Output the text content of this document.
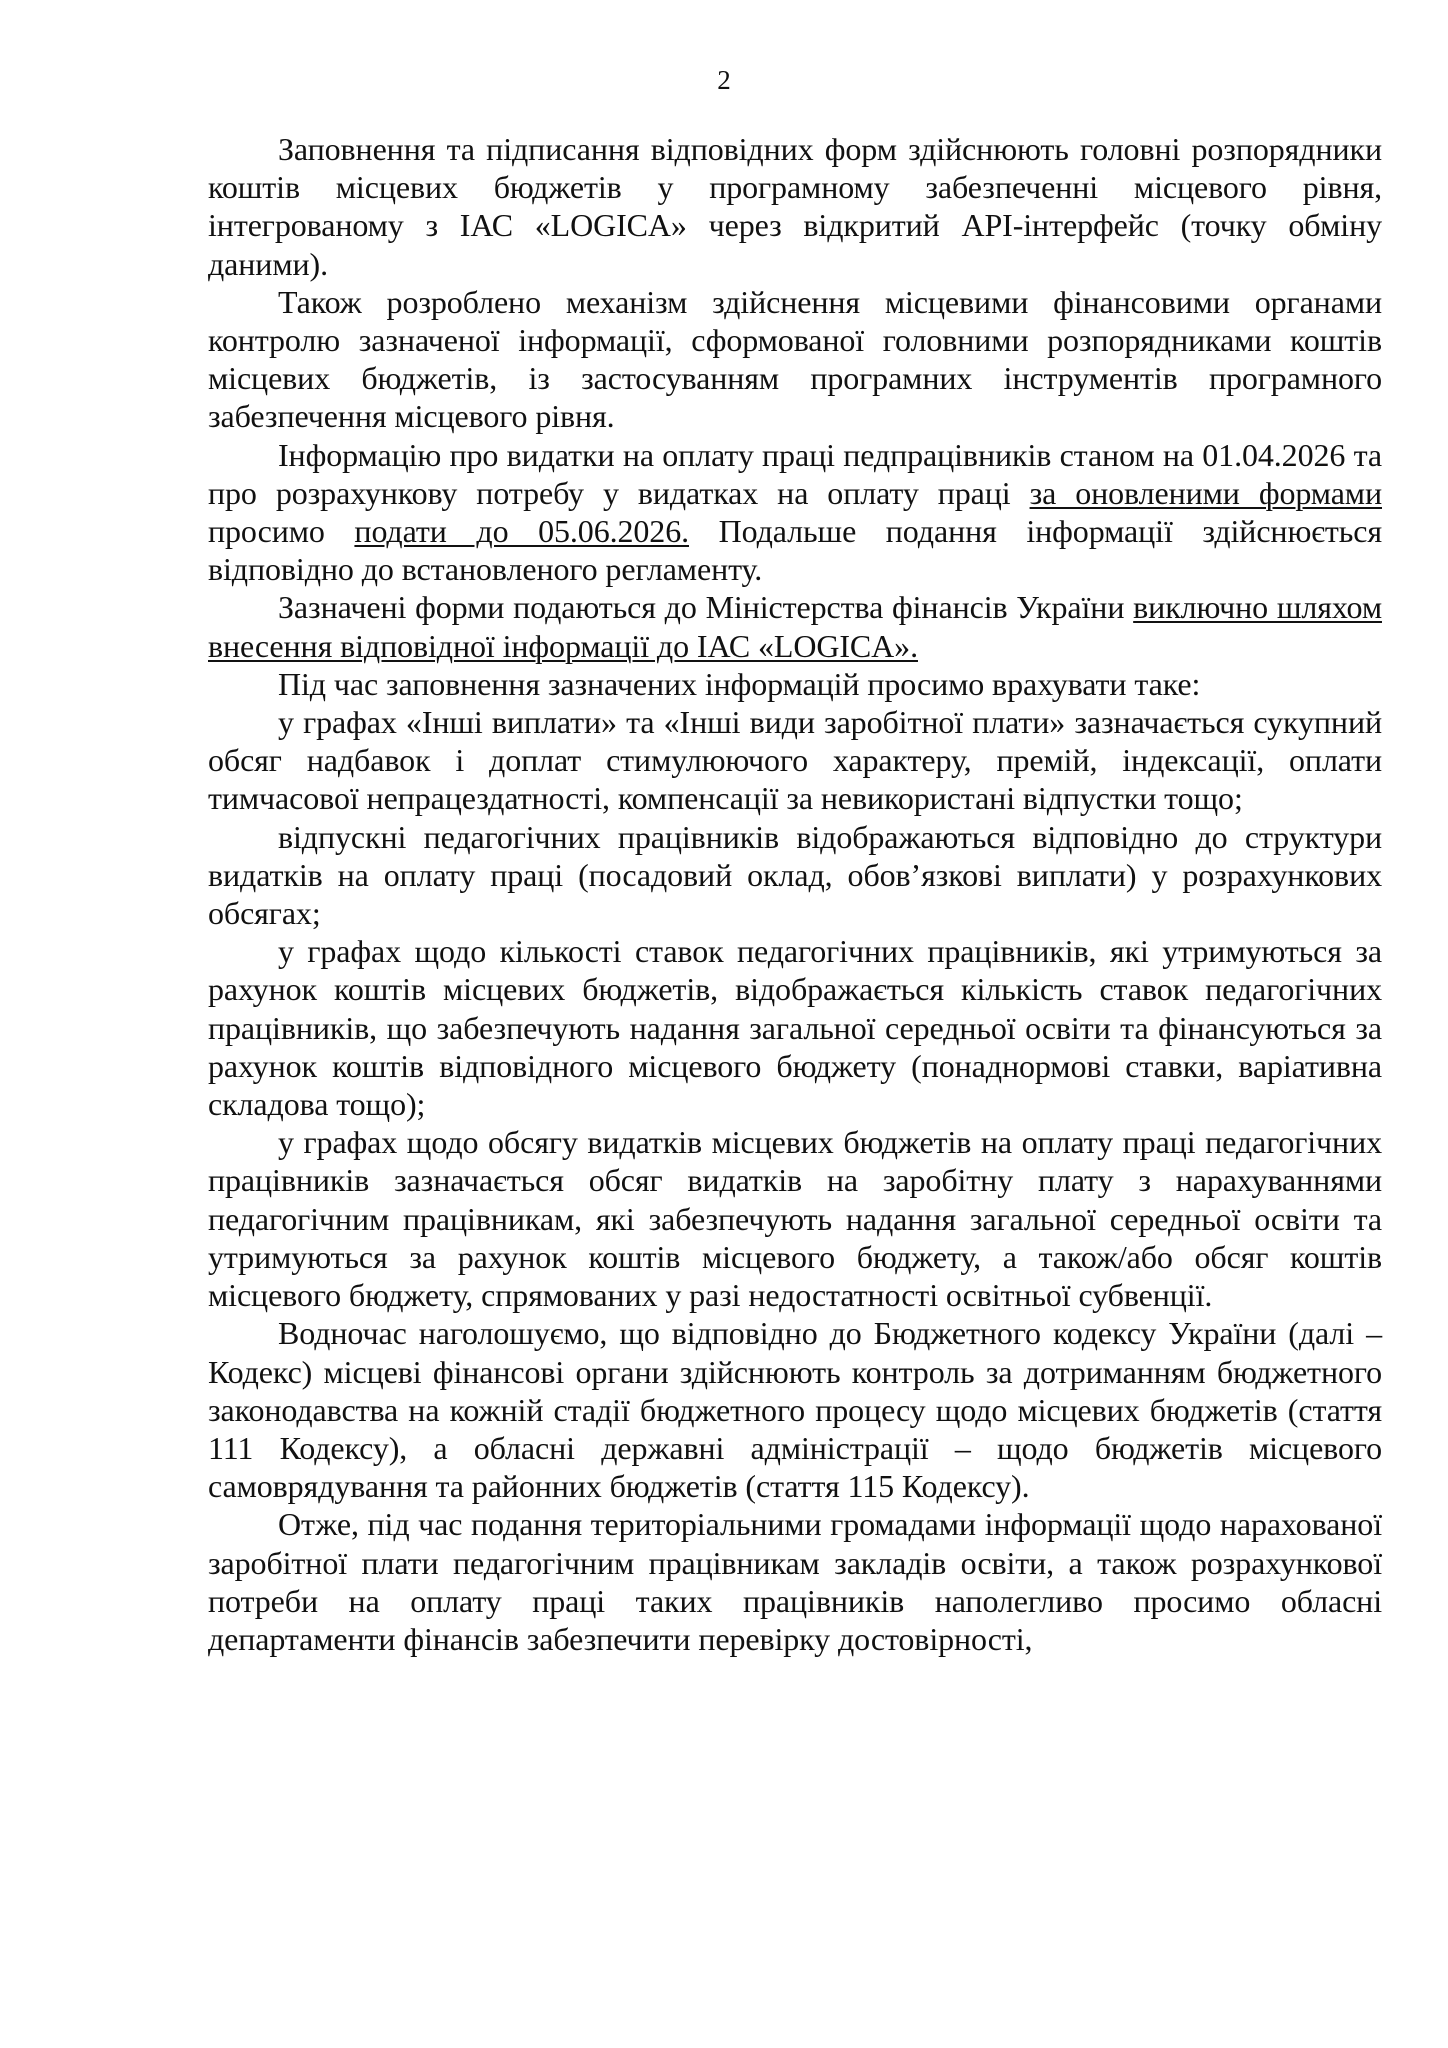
2

Заповнення та підписання відповідних форм здійснюють головні розпорядники коштів місцевих бюджетів у програмному забезпеченні місцевого рівня, інтегрованому з ІАС «LOGICA» через відкритий API-інтерфейс (точку обміну даними).

Також розроблено механізм здійснення місцевими фінансовими органами контролю зазначеної інформації, сформованої головними розпорядниками коштів місцевих бюджетів, із застосуванням програмних інструментів програмного забезпечення місцевого рівня.

Інформацію про видатки на оплату праці педпрацівників станом на 01.04.2026 та про розрахункову потребу у видатках на оплату праці за оновленими формами просимо подати до 05.06.2026. Подальше подання інформації здійснюється відповідно до встановленого регламенту.

Зазначені форми подаються до Міністерства фінансів України виключно шляхом внесення відповідної інформації до ІАС «LOGICA».

Під час заповнення зазначених інформацій просимо врахувати таке:

у графах «Інші виплати» та «Інші види заробітної плати» зазначається сукупний обсяг надбавок і доплат стимулюючого характеру, премій, індексації, оплати тимчасової непрацездатності, компенсації за невикористані відпустки тощо;

відпускні педагогічних працівників відображаються відповідно до структури видатків на оплату праці (посадовий оклад, обов’язкові виплати) у розрахункових обсягах;

у графах щодо кількості ставок педагогічних працівників, які утримуються за рахунок коштів місцевих бюджетів, відображається кількість ставок педагогічних працівників, що забезпечують надання загальної середньої освіти та фінансуються за рахунок коштів відповідного місцевого бюджету (понаднормові ставки, варіативна складова тощо);

у графах щодо обсягу видатків місцевих бюджетів на оплату праці педагогічних працівників зазначається обсяг видатків на заробітну плату з нарахуваннями педагогічним працівникам, які забезпечують надання загальної середньої освіти та утримуються за рахунок коштів місцевого бюджету, а також/або обсяг коштів місцевого бюджету, спрямованих у разі недостатності освітньої субвенції.

Водночас наголошуємо, що відповідно до Бюджетного кодексу України (далі – Кодекс) місцеві фінансові органи здійснюють контроль за дотриманням бюджетного законодавства на кожній стадії бюджетного процесу щодо місцевих бюджетів (стаття 111 Кодексу), а обласні державні адміністрації – щодо бюджетів місцевого самоврядування та районних бюджетів (стаття 115 Кодексу).

Отже, під час подання територіальними громадами інформації щодо нарахованої заробітної плати педагогічним працівникам закладів освіти, а також розрахункової потреби на оплату праці таких працівників наполегливо просимо обласні департаменти фінансів забезпечити перевірку достовірності,
